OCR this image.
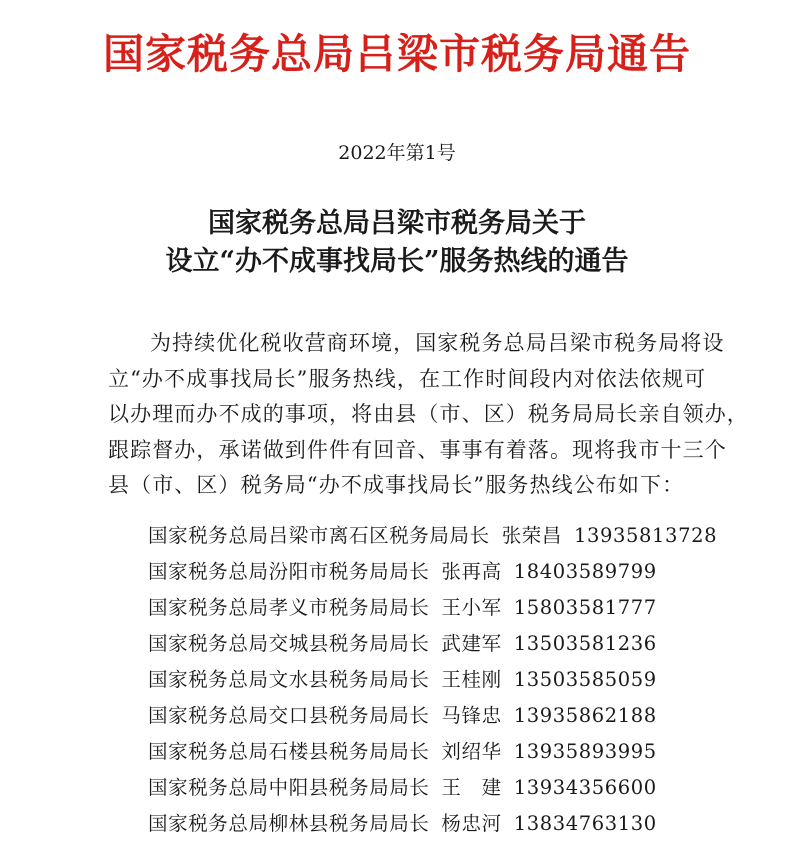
国家税务总局吕梁市税务局通告
2022年第1号
国家税务总局吕梁市税务局关于
设立“办不成事找局长”服务热线的通告
为持续优化税收营商环境，国家税务总局吕梁市税务局将设
立“办不成事找局长”服务热线，在工作时间段内对依法依规可
以办理而办不成的事项，将由县（市、区）税务局局长亲自领办，
跟踪督办，承诺做到件件有回音、事事有着落。现将我市十三个
县（市、区）税务局“办不成事找局长”服务热线公布如下：
国家税务总局吕梁市离石区税务局局长 张荣昌 13935813728
国家税务总局汾阳市税务局局长 张再高 18403589799
国家税务总局孝义市税务局局长 王小军 15803581777
国家税务总局交城县税务局局长 武建军 13503581236
国家税务总局文水县税务局局长 王桂刚 13503585059
国家税务总局交口县税务局局长 马锋忠 13935862188
国家税务总局石楼县税务局局长 刘绍华 13935893995
国家税务总局中阳县税务局局长 王　建 13934356600
国家税务总局柳林县税务局局长 杨忠河 13834763130
